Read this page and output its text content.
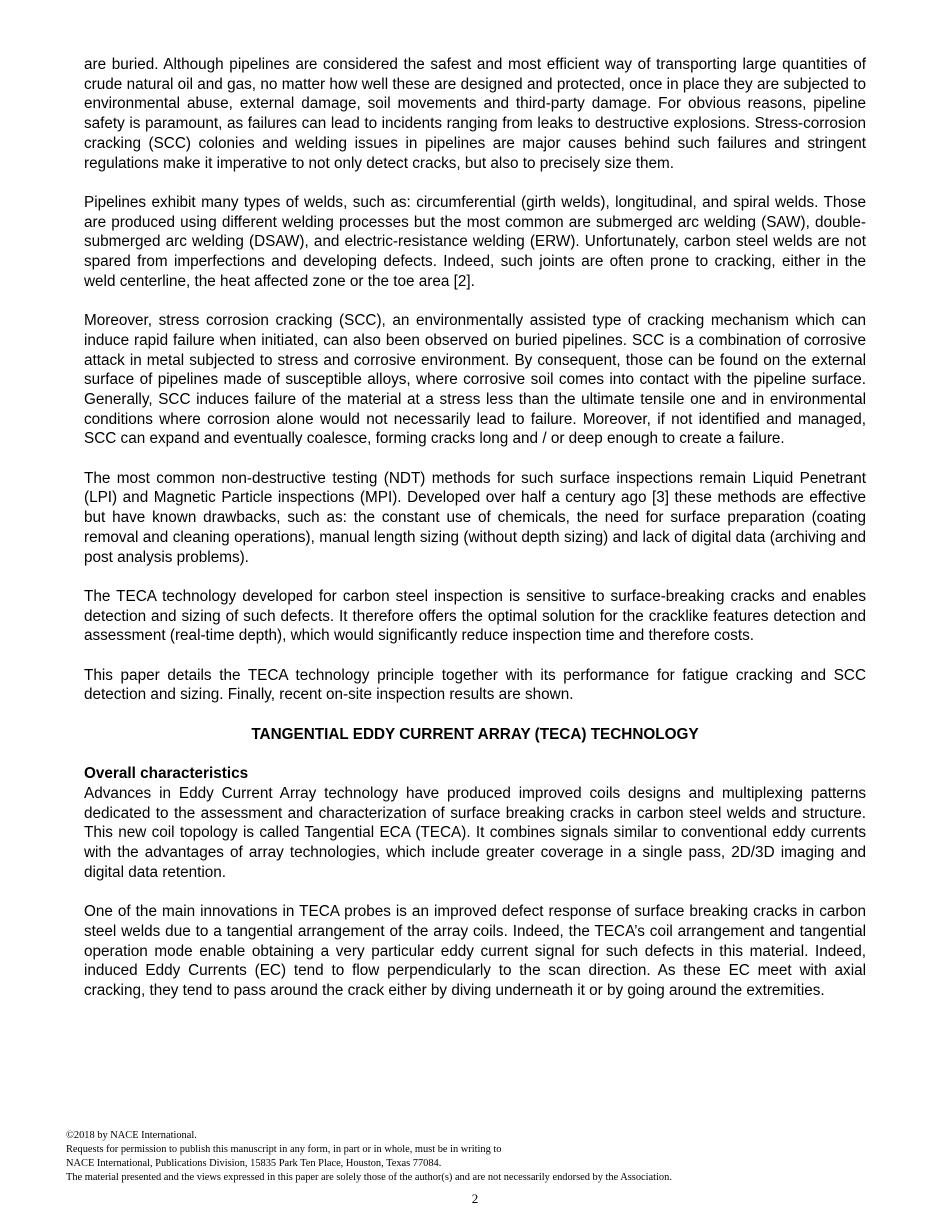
are buried. Although pipelines are considered the safest and most efficient way of transporting large quantities of crude natural oil and gas, no matter how well these are designed and protected, once in place they are subjected to environmental abuse, external damage, soil movements and third-party damage. For obvious reasons, pipeline safety is paramount, as failures can lead to incidents ranging from leaks to destructive explosions. Stress-corrosion cracking (SCC) colonies and welding issues in pipelines are major causes behind such failures and stringent regulations make it imperative to not only detect cracks, but also to precisely size them.

Pipelines exhibit many types of welds, such as: circumferential (girth welds), longitudinal, and spiral welds. Those are produced using different welding processes but the most common are submerged arc welding (SAW), double-submerged arc welding (DSAW), and electric-resistance welding (ERW). Unfortunately, carbon steel welds are not spared from imperfections and developing defects. Indeed, such joints are often prone to cracking, either in the weld centerline, the heat affected zone or the toe area [2].

Moreover, stress corrosion cracking (SCC), an environmentally assisted type of cracking mechanism which can induce rapid failure when initiated, can also been observed on buried pipelines. SCC is a combination of corrosive attack in metal subjected to stress and corrosive environment. By consequent, those can be found on the external surface of pipelines made of susceptible alloys, where corrosive soil comes into contact with the pipeline surface. Generally, SCC induces failure of the material at a stress less than the ultimate tensile one and in environmental conditions where corrosion alone would not necessarily lead to failure. Moreover, if not identified and managed, SCC can expand and eventually coalesce, forming cracks long and / or deep enough to create a failure.

The most common non-destructive testing (NDT) methods for such surface inspections remain Liquid Penetrant (LPI) and Magnetic Particle inspections (MPI). Developed over half a century ago [3] these methods are effective but have known drawbacks, such as: the constant use of chemicals, the need for surface preparation (coating removal and cleaning operations), manual length sizing (without depth sizing) and lack of digital data (archiving and post analysis problems).

The TECA technology developed for carbon steel inspection is sensitive to surface-breaking cracks and enables detection and sizing of such defects. It therefore offers the optimal solution for the cracklike features detection and assessment (real-time depth), which would significantly reduce inspection time and therefore costs.

This paper details the TECA technology principle together with its performance for fatigue cracking and SCC detection and sizing. Finally, recent on-site inspection results are shown.

TANGENTIAL EDDY CURRENT ARRAY (TECA) TECHNOLOGY

Overall characteristics

Advances in Eddy Current Array technology have produced improved coils designs and multiplexing patterns dedicated to the assessment and characterization of surface breaking cracks in carbon steel welds and structure. This new coil topology is called Tangential ECA (TECA). It combines signals similar to conventional eddy currents with the advantages of array technologies, which include greater coverage in a single pass, 2D/3D imaging and digital data retention.

One of the main innovations in TECA probes is an improved defect response of surface breaking cracks in carbon steel welds due to a tangential arrangement of the array coils. Indeed, the TECA’s coil arrangement and tangential operation mode enable obtaining a very particular eddy current signal for such defects in this material. Indeed, induced Eddy Currents (EC) tend to flow perpendicularly to the scan direction. As these EC meet with axial cracking, they tend to pass around the crack either by diving underneath it or by going around the extremities.

©2018 by NACE International.
Requests for permission to publish this manuscript in any form, in part or in whole, must be in writing to
NACE International, Publications Division, 15835 Park Ten Place, Houston, Texas 77084.
The material presented and the views expressed in this paper are solely those of the author(s) and are not necessarily endorsed by the Association.
2
